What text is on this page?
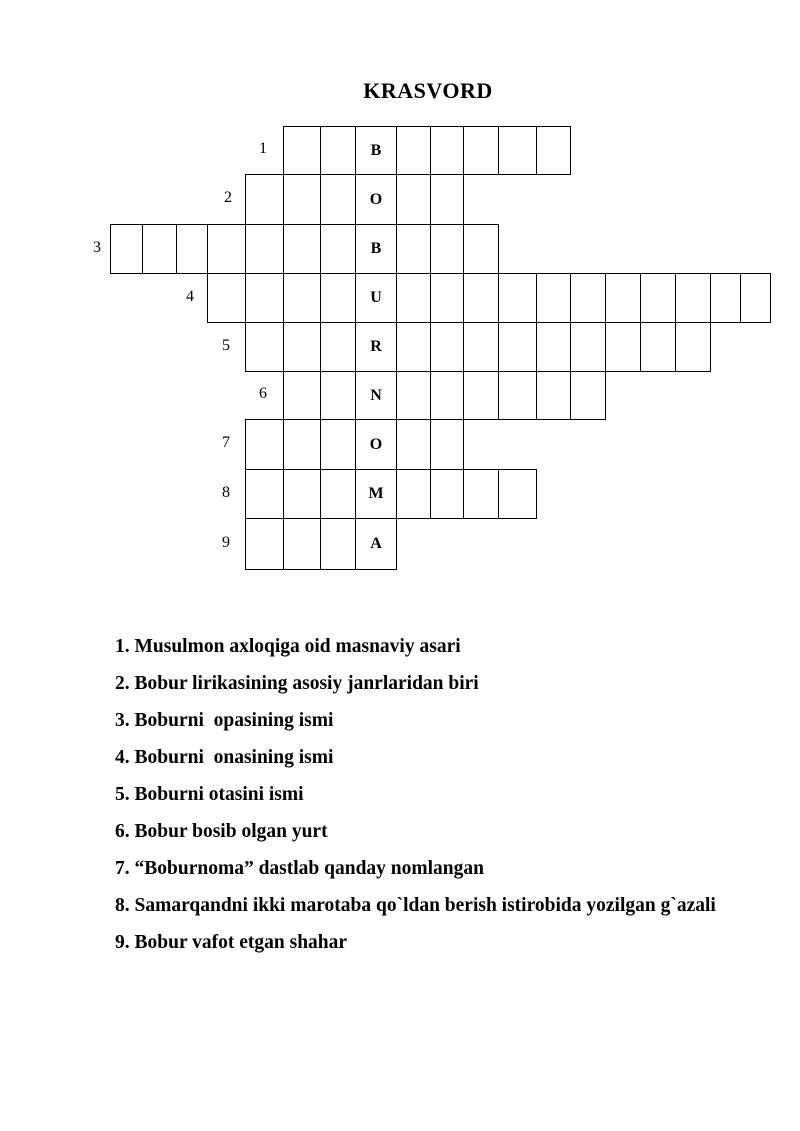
KRASVORD
1	B
2	O
3	B
4	U
5	R
6	N
7	O
8	M
9	A
1. Musulmon axloqiga oid masnaviy asari
2. Bobur lirikasining asosiy janrlaridan biri
3. Boburni  opasining ismi
4. Boburni  onasining ismi
5. Boburni otasini ismi
6. Bobur bosib olgan yurt
7. “Boburnoma” dastlab qanday nomlangan
8. Samarqandni ikki marotaba qo`ldan berish istirobida yozilgan g`azali
9. Bobur vafot etgan shahar
